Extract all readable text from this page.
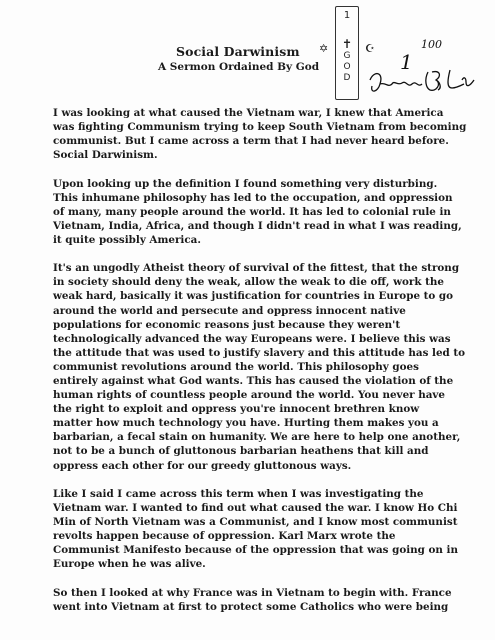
1
✝
G
O
D
✡	☪
1
100
Social Darwinism
A Sermon Ordained By God

I was looking at what caused the Vietnam war, I knew that America
was fighting Communism trying to keep South Vietnam from becoming
communist. But I came across a term that I had never heard before.
Social Darwinism.

Upon looking up the definition I found something very disturbing.
This inhumane philosophy has led to the occupation, and oppression
of many, many people around the world. It has led to colonial rule in
Vietnam, India, Africa, and though I didn't read in what I was reading,
it quite possibly America.

It's an ungodly Atheist theory of survival of the fittest, that the strong
in society should deny the weak, allow the weak to die off, work the
weak hard, basically it was justification for countries in Europe to go
around the world and persecute and oppress innocent native
populations for economic reasons just because they weren't
technologically advanced the way Europeans were. I believe this was
the attitude that was used to justify slavery and this attitude has led to
communist revolutions around the world. This philosophy goes
entirely against what God wants. This has caused the violation of the
human rights of countless people around the world. You never have
the right to exploit and oppress you're innocent brethren know
matter how much technology you have. Hurting them makes you a
barbarian, a fecal stain on humanity. We are here to help one another,
not to be a bunch of gluttonous barbarian heathens that kill and
oppress each other for our greedy gluttonous ways.

Like I said I came across this term when I was investigating the
Vietnam war. I wanted to find out what caused the war. I know Ho Chi
Min of North Vietnam was a Communist, and I know most communist
revolts happen because of oppression. Karl Marx wrote the
Communist Manifesto because of the oppression that was going on in
Europe when he was alive.

So then I looked at why France was in Vietnam to begin with. France
went into Vietnam at first to protect some Catholics who were being
